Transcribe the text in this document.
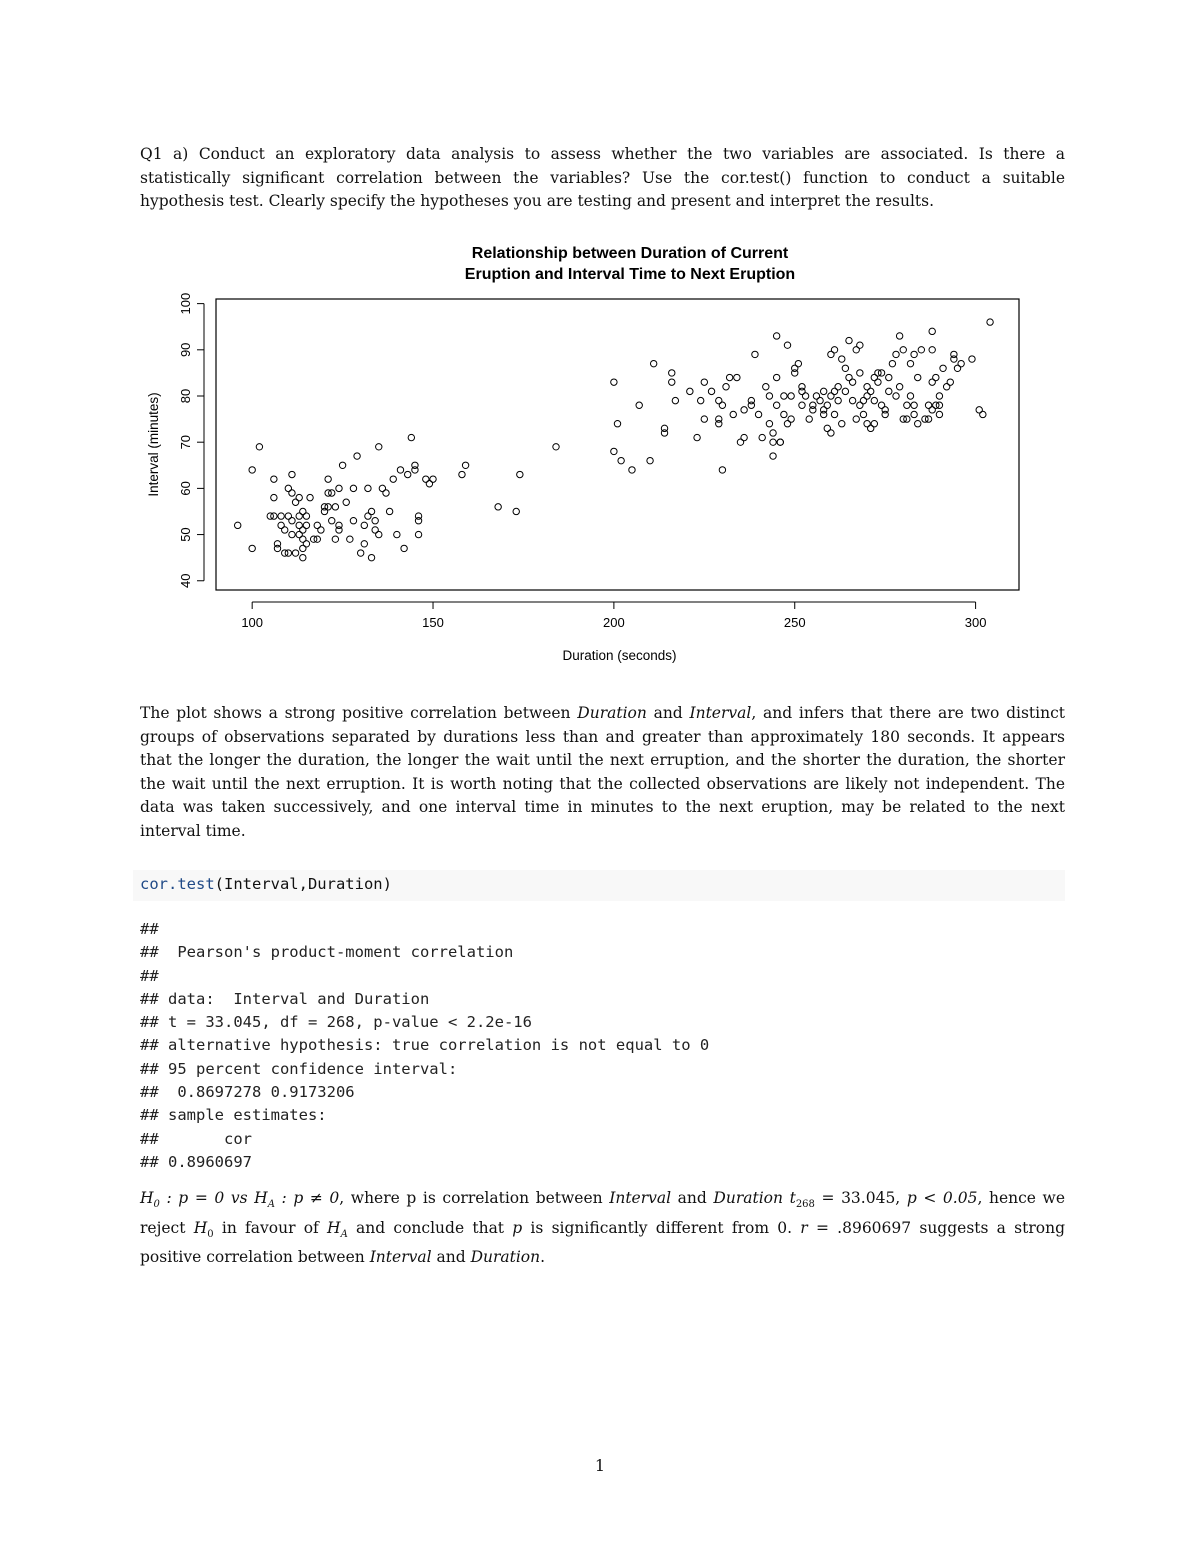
Q1 a) Conduct an exploratory data analysis to assess whether the two variables are associated. Is there a statistically significant correlation between the variables? Use the cor.test() function to conduct a suitable hypothesis test. Clearly specify the hypotheses you are testing and present and interpret the results.

Relationship between Duration of Current
Eruption and Interval Time to Next Eruption
100	150	200	250	300
Duration (seconds)
40
50
60
70
80
90
100
Interval (minutes)

The plot shows a strong positive correlation between Duration and Interval, and infers that there are two distinct groups of observations separated by durations less than and greater than approximately 180 seconds. It appears that the longer the duration, the longer the wait until the next erruption, and the shorter the duration, the shorter the wait until the next erruption. It is worth noting that the collected observations are likely not independent. The data was taken successively, and one interval time in minutes to the next eruption, may be related to the next interval time.

cor.test(Interval,Duration)
##
##  Pearson's product-moment correlation
##
## data:  Interval and Duration
## t = 33.045, df = 268, p-value < 2.2e-16
## alternative hypothesis: true correlation is not equal to 0
## 95 percent confidence interval:
##  0.8697278 0.9173206
## sample estimates:
##       cor
## 0.8960697

$H_0$ : p = 0 vs $H_A$ : p ≠ 0, where p is correlation between Interval and Duration $t_{268} = 33.045$, p < 0.05, hence we reject $H_0$ in favour of $H_A$ and conclude that p is significantly different from 0. r = .8960697 suggests a strong positive correlation between Interval and Duration.

1
